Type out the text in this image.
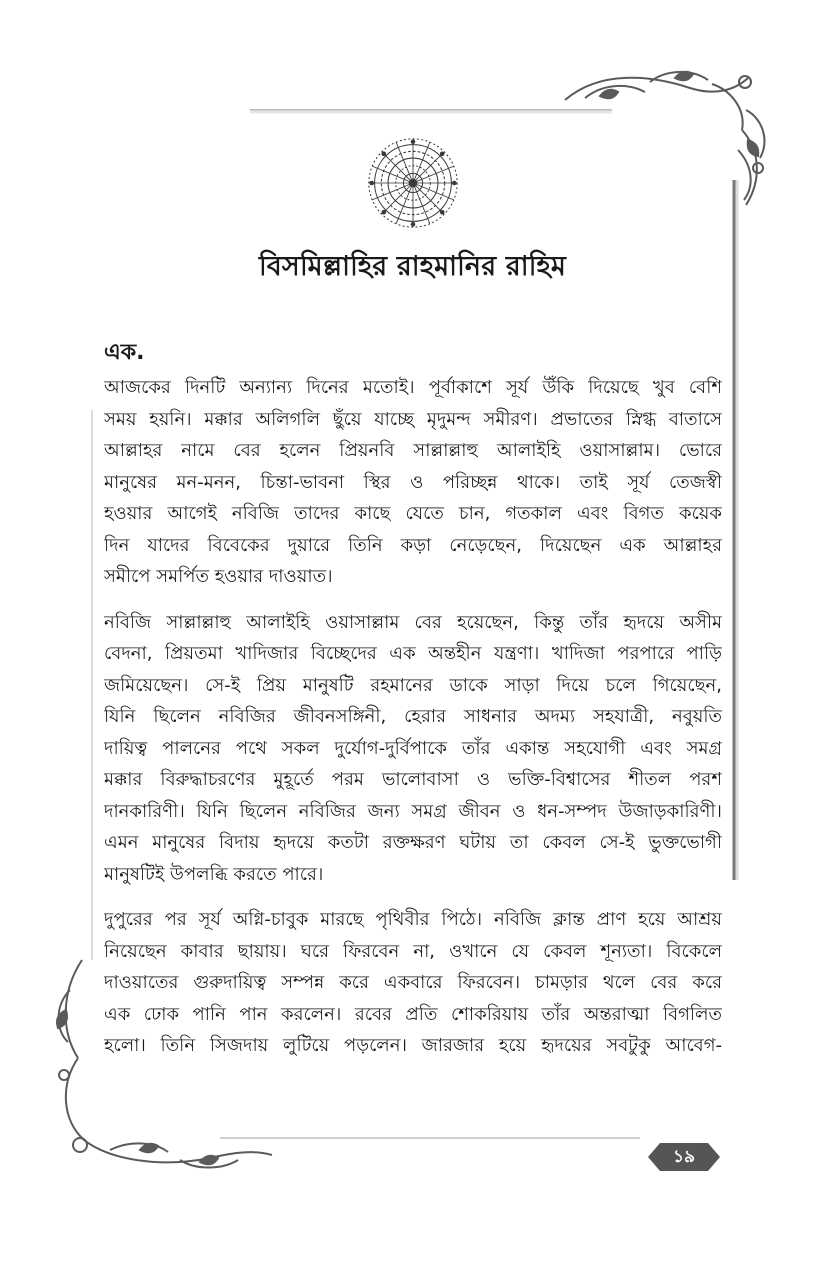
বিসমিল্লাহির রাহমানির রাহিম
এক.
আজকের দিনটি অন্যান্য দিনের মতোই। পূর্বাকাশে সূর্য উঁকি দিয়েছে খুব বেশি
সময় হয়নি। মক্কার অলিগলি ছুঁয়ে যাচ্ছে মৃদুমন্দ সমীরণ। প্রভাতের স্নিগ্ধ বাতাসে
আল্লাহর নামে বের হলেন প্রিয়নবি সাল্লাল্লাহু আলাইহি ওয়াসাল্লাম। ভোরে
মানুষের মন-মনন, চিন্তা-ভাবনা স্থির ও পরিচ্ছন্ন থাকে। তাই সূর্য তেজস্বী
হওয়ার আগেই নবিজি তাদের কাছে যেতে চান, গতকাল এবং বিগত কয়েক
দিন যাদের বিবেকের দুয়ারে তিনি কড়া নেড়েছেন, দিয়েছেন এক আল্লাহর
সমীপে সমর্পিত হওয়ার দাওয়াত।
নবিজি সাল্লাল্লাহু আলাইহি ওয়াসাল্লাম বের হয়েছেন, কিন্তু তাঁর হৃদয়ে অসীম
বেদনা, প্রিয়তমা খাদিজার বিচ্ছেদের এক অন্তহীন যন্ত্রণা। খাদিজা পরপারে পাড়ি
জমিয়েছেন। সে-ই প্রিয় মানুষটি রহমানের ডাকে সাড়া দিয়ে চলে গিয়েছেন,
যিনি ছিলেন নবিজির জীবনসঙ্গিনী, হেরার সাধনার অদম্য সহযাত্রী, নবুয়তি
দায়িত্ব পালনের পথে সকল দুর্যোগ-দুর্বিপাকে তাঁর একান্ত সহযোগী এবং সমগ্র
মক্কার বিরুদ্ধাচরণের মুহূর্তে পরম ভালোবাসা ও ভক্তি-বিশ্বাসের শীতল পরশ
দানকারিণী। যিনি ছিলেন নবিজির জন্য সমগ্র জীবন ও ধন-সম্পদ উজাড়কারিণী।
এমন মানুষের বিদায় হৃদয়ে কতটা রক্তক্ষরণ ঘটায় তা কেবল সে-ই ভুক্তভোগী
মানুষটিই উপলব্ধি করতে পারে।
দুপুরের পর সূর্য অগ্নি-চাবুক মারছে পৃথিবীর পিঠে। নবিজি ক্লান্ত প্রাণ হয়ে আশ্রয়
নিয়েছেন কাবার ছায়ায়। ঘরে ফিরবেন না, ওখানে যে কেবল শূন্যতা। বিকেলে
দাওয়াতের গুরুদায়িত্ব সম্পন্ন করে একবারে ফিরবেন। চামড়ার থলে বের করে
এক ঢোক পানি পান করলেন। রবের প্রতি শোকরিয়ায় তাঁর অন্তরাত্মা বিগলিত
হলো। তিনি সিজদায় লুটিয়ে পড়লেন। জারজার হয়ে হৃদয়ের সবটুকু আবেগ-
১৯
